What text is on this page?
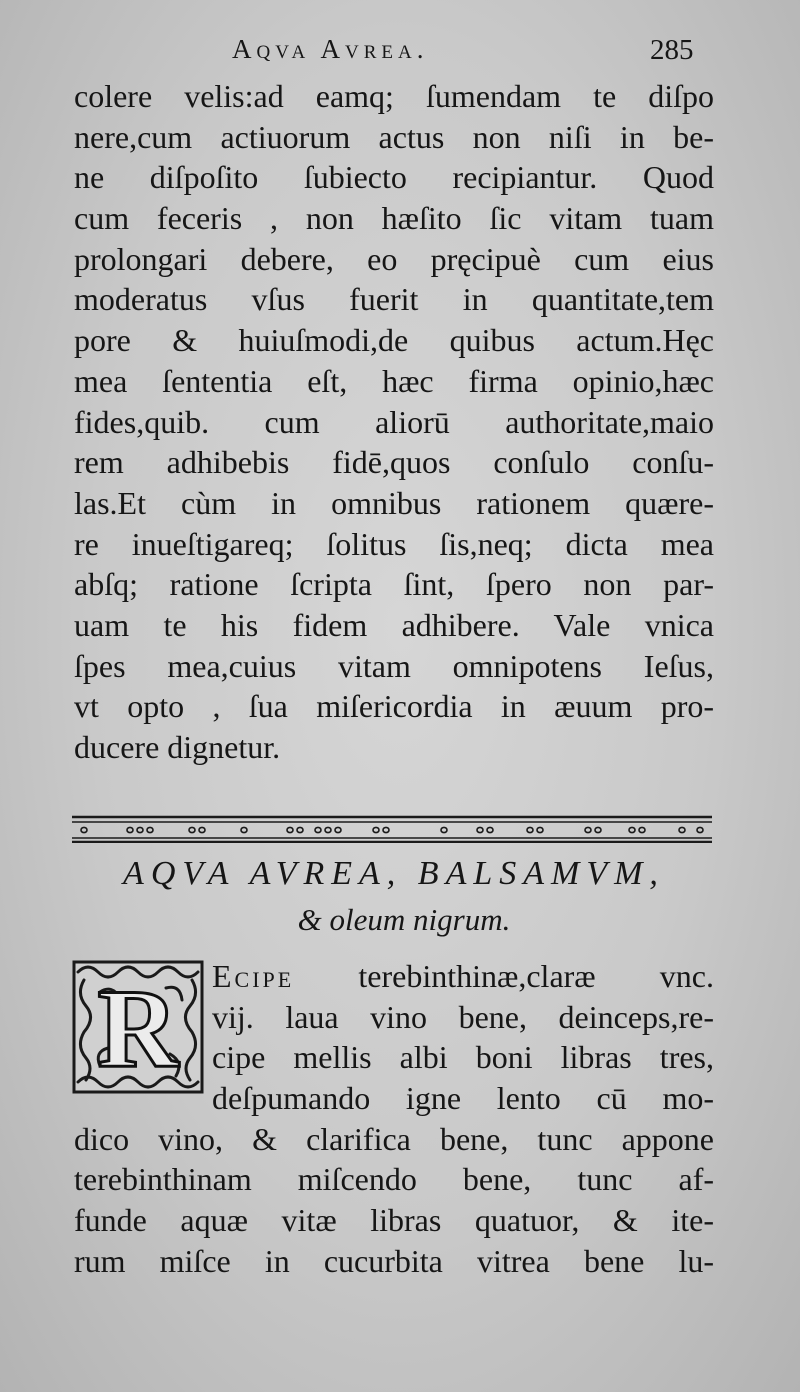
Aqva Avrea.	285
colere velis:ad eamq; ſumendam te diſpo
nere,cum actiuorum actus non niſi in be-
ne diſpoſito ſubiecto recipiantur. Quod
cum feceris , non hæſito ſic vitam tuam
prolongari debere, eo pręcipuè cum eius
moderatus vſus fuerit in quantitate,tem
pore & huiuſmodi,de quibus actum.Hęc
mea ſententia eſt, hæc firma opinio,hæc
fides,quib. cum aliorū authoritate,maio
rem adhibebis fidē,quos conſulo conſu-
las.Et cùm in omnibus rationem quære-
re inueſtigareq; ſolitus ſis,neq; dicta mea
abſq; ratione ſcripta ſint, ſpero non par-
uam te his fidem adhibere. Vale vnica
ſpes mea,cuius vitam omnipotens Ieſus,
vt opto , ſua miſericordia in æuum pro-
ducere dignetur.
AQVA AVREA, BALSAMVM,
& oleum nigrum.
R Ecipe terebinthinæ,claræ vnc.
vij. laua vino bene, deinceps,re-
cipe mellis albi boni libras tres,
deſpumando igne lento cū mo-
dico vino, & clarifica bene, tunc appone
terebinthinam miſcendo bene, tunc af-
funde aquæ vitæ libras quatuor, & ite-
rum miſce in cucurbita vitrea bene lu-
